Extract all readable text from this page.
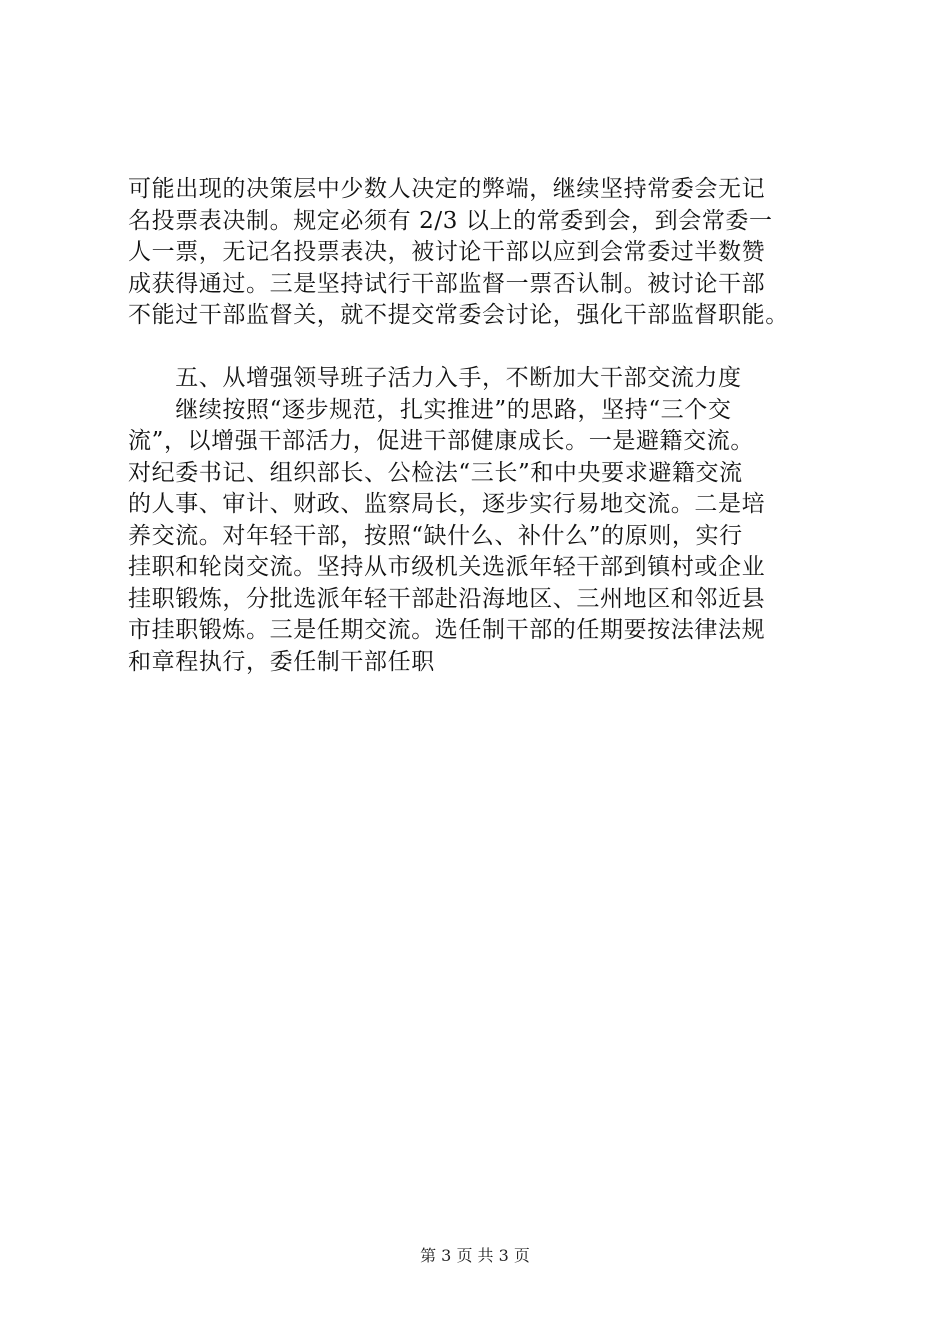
可能出现的决策层中少数人决定的弊端，继续坚持常委会无记
名投票表决制。规定必须有 2/3 以上的常委到会，到会常委一
人一票，无记名投票表决，被讨论干部以应到会常委过半数赞
成获得通过。三是坚持试行干部监督一票否认制。被讨论干部
不能过干部监督关，就不提交常委会讨论，强化干部监督职能。
　　五、从增强领导班子活力入手，不断加大干部交流力度
　　继续按照“逐步规范，扎实推进”的思路，坚持“三个交
流”，以增强干部活力，促进干部健康成长。一是避籍交流。
对纪委书记、组织部长、公检法“三长”和中央要求避籍交流
的人事、审计、财政、监察局长，逐步实行易地交流。二是培
养交流。对年轻干部，按照“缺什么、补什么”的原则，实行
挂职和轮岗交流。坚持从市级机关选派年轻干部到镇村或企业
挂职锻炼，分批选派年轻干部赴沿海地区、三州地区和邻近县
市挂职锻炼。三是任期交流。选任制干部的任期要按法律法规
和章程执行，委任制干部任职
第 3 页 共 3 页
